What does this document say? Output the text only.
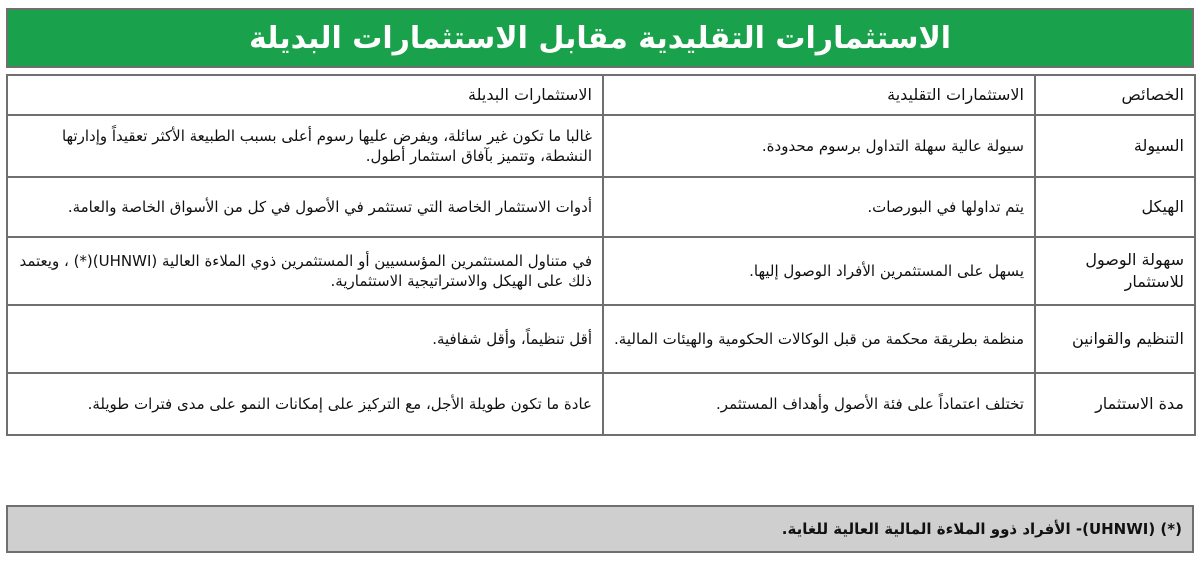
الاستثمارات التقليدية مقابل الاستثمارات البديلة
الخصائص	الاستثمارات التقليدية	الاستثمارات البديلة
السيولة	سيولة عالية سهلة التداول برسوم محدودة.	غالبا ما تكون غير سائلة، ويفرض عليها رسوم أعلى بسبب الطبيعة الأكثر تعقيداً وإدارتها النشطة، وتتميز بآفاق استثمار أطول.
الهيكل	يتم تداولها في البورصات.	أدوات الاستثمار الخاصة التي تستثمر في الأصول في كل من الأسواق الخاصة والعامة.
سهولة الوصول للاستثمار	يسهل على المستثمرين الأفراد الوصول إليها.	في متناول المستثمرين المؤسسيين أو المستثمرين ذوي الملاءة العالية (UHNWI)(*) ، ويعتمد ذلك على الهيكل والاستراتيجية الاستثمارية.
التنظيم والقوانين	منظمة بطريقة محكمة من قبل الوكالات الحكومية والهيئات المالية.	أقل تنظيماً، وأقل شفافية.
مدة الاستثمار	تختلف اعتماداً على فئة الأصول وأهداف المستثمر.	عادة ما تكون طويلة الأجل، مع التركيز على إمكانات النمو على مدى فترات طويلة.
(*) (UHNWI)- الأفراد ذوو الملاءة المالية العالية للغاية.
